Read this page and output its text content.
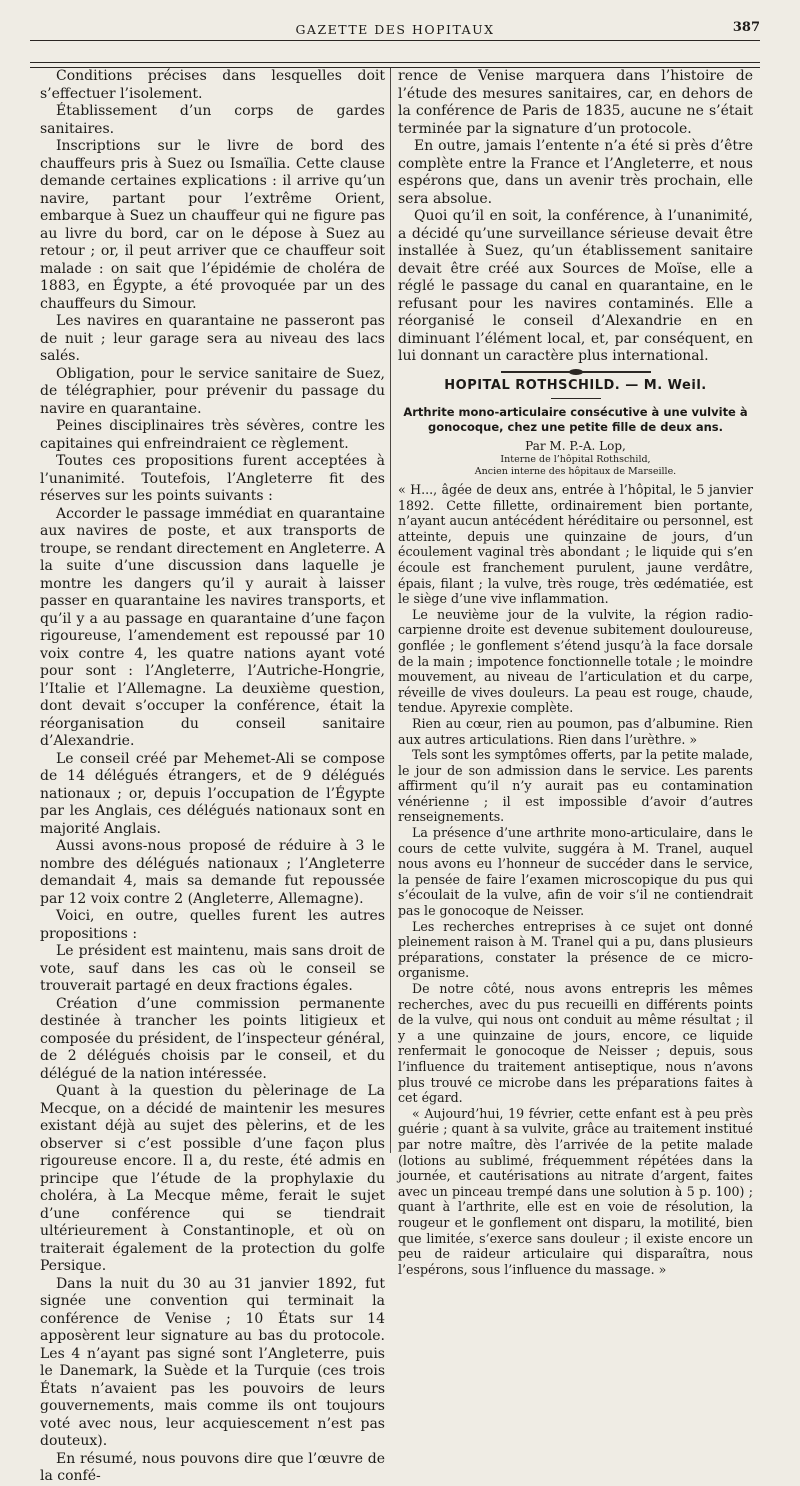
GAZETTE DES HOPITAUX	387

Conditions précises dans lesquelles doit s’effectuer l’isolement.

Établissement d’un corps de gardes sanitaires.

Inscriptions sur le livre de bord des chauffeurs pris à Suez ou Ismaïlia. Cette clause demande certaines explications : il arrive qu’un navire, partant pour l’extrême Orient, embarque à Suez un chauffeur qui ne figure pas au livre du bord, car on le dépose à Suez au retour ; or, il peut arriver que ce chauffeur soit malade : on sait que l’épidémie de choléra de 1883, en Égypte, a été provoquée par un des chauffeurs du Simour.

Les navires en quarantaine ne passeront pas de nuit ; leur garage sera au niveau des lacs salés.

Obligation, pour le service sanitaire de Suez, de télégraphier, pour prévenir du passage du navire en quarantaine.

Peines disciplinaires très sévères, contre les capitaines qui enfreindraient ce règlement.

Toutes ces propositions furent acceptées à l’unanimité. Toutefois, l’Angleterre fit des réserves sur les points suivants :

Accorder le passage immédiat en quarantaine aux navires de poste, et aux transports de troupe, se rendant directement en Angleterre. A la suite d’une discussion dans laquelle je montre les dangers qu’il y aurait à laisser passer en quarantaine les navires transports, et qu’il y a au passage en quarantaine d’une façon rigoureuse, l’amendement est repoussé par 10 voix contre 4, les quatre nations ayant voté pour sont : l’Angleterre, l’Autriche-Hongrie, l’Italie et l’Allemagne. La deuxième question, dont devait s’occuper la conférence, était la réorganisation du conseil sanitaire d’Alexandrie.

Le conseil créé par Mehemet-Ali se compose de 14 délégués étrangers, et de 9 délégués nationaux ; or, depuis l’occupation de l’Égypte par les Anglais, ces délégués nationaux sont en majorité Anglais.

Aussi avons-nous proposé de réduire à 3 le nombre des délégués nationaux ; l’Angleterre demandait 4, mais sa demande fut repoussée par 12 voix contre 2 (Angleterre, Allemagne).

Voici, en outre, quelles furent les autres propositions :

Le président est maintenu, mais sans droit de vote, sauf dans les cas où le conseil se trouverait partagé en deux fractions égales.

Création d’une commission permanente destinée à trancher les points litigieux et composée du président, de l’inspecteur général, de 2 délégués choisis par le conseil, et du délégué de la nation intéressée.

Quant à la question du pèlerinage de La Mecque, on a décidé de maintenir les mesures existant déjà au sujet des pèlerins, et de les observer si c’est possible d’une façon plus rigoureuse encore. Il a, du reste, été admis en principe que l’étude de la prophylaxie du choléra, à La Mecque même, ferait le sujet d’une conférence qui se tiendrait ultérieurement à Constantinople, et où on traiterait également de la protection du golfe Persique.

Dans la nuit du 30 au 31 janvier 1892, fut signée une convention qui terminait la conférence de Venise ; 10 États sur 14 apposèrent leur signature au bas du protocole. Les 4 n’ayant pas signé sont l’Angleterre, puis le Danemark, la Suède et la Turquie (ces trois États n’avaient pas les pouvoirs de leurs gouvernements, mais comme ils ont toujours voté avec nous, leur acquiescement n’est pas douteux).

En résumé, nous pouvons dire que l’œuvre de la confé-

rence de Venise marquera dans l’histoire de l’étude des mesures sanitaires, car, en dehors de la conférence de Paris de 1835, aucune ne s’était terminée par la signature d’un protocole.

En outre, jamais l’entente n’a été si près d’être complète entre la France et l’Angleterre, et nous espérons que, dans un avenir très prochain, elle sera absolue.

Quoi qu’il en soit, la conférence, à l’unanimité, a décidé qu’une surveillance sérieuse devait être installée à Suez, qu’un établissement sanitaire devait être créé aux Sources de Moïse, elle a réglé le passage du canal en quarantaine, en le refusant pour les navires contaminés. Elle a réorganisé le conseil d’Alexandrie en en diminuant l’élément local, et, par conséquent, en lui donnant un caractère plus international.

HOPITAL ROTHSCHILD. — M. Weil.
Arthrite mono-articulaire consécutive à une vulvite à gonocoque, chez une petite fille de deux ans.
Par M. P.-A. Lop,
Interne de l’hôpital Rothschild,
Ancien interne des hôpitaux de Marseille.

« H..., âgée de deux ans, entrée à l’hôpital, le 5 janvier 1892. Cette fillette, ordinairement bien portante, n’ayant aucun antécédent héréditaire ou personnel, est atteinte, depuis une quinzaine de jours, d’un écoulement vaginal très abondant ; le liquide qui s’en écoule est franchement purulent, jaune verdâtre, épais, filant ; la vulve, très rouge, très œdématiée, est le siège d’une vive inflammation.

Le neuvième jour de la vulvite, la région radio-carpienne droite est devenue subitement douloureuse, gonflée ; le gonflement s’étend jusqu’à la face dorsale de la main ; impotence fonctionnelle totale ; le moindre mouvement, au niveau de l’articulation et du carpe, réveille de vives douleurs. La peau est rouge, chaude, tendue. Apyrexie complète.

Rien au cœur, rien au poumon, pas d’albumine. Rien aux autres articulations. Rien dans l’urèthre. »

Tels sont les symptômes offerts, par la petite malade, le jour de son admission dans le service. Les parents affirment qu’il n’y aurait pas eu contamination vénérienne ; il est impossible d’avoir d’autres renseignements.

La présence d’une arthrite mono-articulaire, dans le cours de cette vulvite, suggéra à M. Tranel, auquel nous avons eu l’honneur de succéder dans le service, la pensée de faire l’examen microscopique du pus qui s’écoulait de la vulve, afin de voir s’il ne contiendrait pas le gonocoque de Neisser.

Les recherches entreprises à ce sujet ont donné pleinement raison à M. Tranel qui a pu, dans plusieurs préparations, constater la présence de ce micro-organisme.

De notre côté, nous avons entrepris les mêmes recherches, avec du pus recueilli en différents points de la vulve, qui nous ont conduit au même résultat ; il y a une quinzaine de jours, encore, ce liquide renfermait le gonocoque de Neisser ; depuis, sous l’influence du traitement antiseptique, nous n’avons plus trouvé ce microbe dans les préparations faites à cet égard.

« Aujourd’hui, 19 février, cette enfant est à peu près guérie ; quant à sa vulvite, grâce au traitement institué par notre maître, dès l’arrivée de la petite malade (lotions au sublimé, fréquemment répétées dans la journée, et cautérisations au nitrate d’argent, faites avec un pinceau trempé dans une solution à 5 p. 100) ; quant à l’arthrite, elle est en voie de résolution, la rougeur et le gonflement ont disparu, la motilité, bien que limitée, s’exerce sans douleur ; il existe encore un peu de raideur articulaire qui disparaîtra, nous l’espérons, sous l’influence du massage. »
